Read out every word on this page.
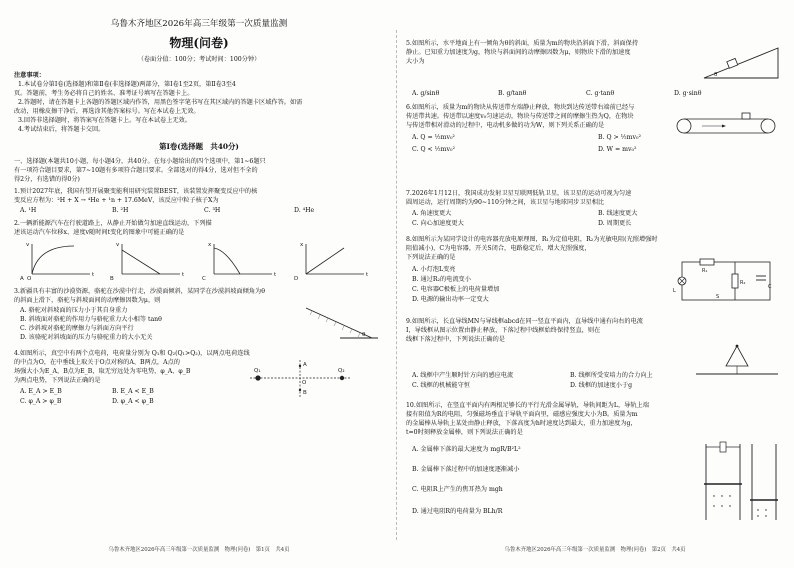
乌鲁木齐地区2026年高三年级第一次质量监测
物理(问卷)
（卷面分值：100分；考试时间：100分钟）
注意事项：
1.本试卷分第Ⅰ卷(选择题)和第Ⅱ卷(非选择题)两部分，第Ⅰ卷1至2页，第Ⅱ卷3至4
页。答题前，考生务必将自己的姓名、准考证号填写在答题卡上。
2.答题时，请在答题卡上各题的答题区域内作答，用黑色签字笔书写在其区域内的答题卡区域作答。如需
改动，用橡皮擦干净后，再选涂其他答案标号。写在本试卷上无效。
3.回答非选择题时，将答案写在答题卡上。写在本试卷上无效。
4.考试结束后，将答题卡交回。
第Ⅰ卷(选择题　共40分)
一、选择题(本题共10小题，每小题4分，共40分。在每小题给出的四个选项中，第1~6题只
有一项符合题目要求，第7~10题有多项符合题目要求。全部选对的得4分，选对但不全的
得2分，有选错的得0分)
1.预计2027年底，我国有望开展聚变能利用研究装置BEST，该装置发挥聚变反应中的核
变反应方程为：²H + X → ⁴He + ¹n + 17.6MeV，该反应中粒子核子X为
A. ¹H	B. ²H	C. ³H	D. ⁴He
2.一辆新能源汽车在行驶道路上，从静止开始做匀加速直线运动，下列描
述该运动汽车位移x、速度v随时间t变化的图象中可能正确的是
A	B	C	D
v	v	x	x
t	t	t	t
O
3.新疆具有丰富的沙漠资源，骆驼在沙漠中行走，沙漠面倾斜，某同学在沙漠斜坡面倾角为θ
的斜面上滑下，骆驼与斜坡面间的动摩擦因数为μ，则
A. 骆驼对斜坡面的压力小于其自身重力
B. 斜坡面对骆驼的作用力与骆驼重力大小相等 tanθ
C. 沙斜坡对骆驼的摩擦力与斜面方向平行
D. 该骆驼对斜坡面的压力与骆驼重力的大小无关	θ
4.如图所示，真空中有两个点电荷，电荷量分别为 Q₁和 Q₂(Q₁>Q₂)，以两点电荷连线
的中点为O，在中垂线上取关于O点对称的A、B两点，A点的
场强大小为E_A，B点为E_B，取无穷远处为零电势，φ_A、φ_B
为两点电势，下列说法正确的是
A. E_A > E_B	B. E_A < E_B
C. φ_A > φ_B	D. φ_A < φ_B
Q₁	Q₂
O
A
B
乌鲁木齐地区2026年高三年级第一次质量监测　物理(问卷)　第1页　共4页
5.如图所示，水平地面上有一倾角为θ的斜面，质量为m的物块沿斜面下滑，斜面保持
静止。已知重力加速度为g，物块与斜面间的动摩擦因数为μ，则物块下滑的加速度
大小为
A. g/sinθ	B. g/tanθ	C. g·tanθ	D. g·sinθ
θ
6.如图所示，质量为m的物块从传送带左端静止释放，物块到达传送带右端前已经与
传送带共速。传送带以速度v₀匀速运动，物块与传送带之间的摩擦生热为Q，在物块
与传送带相对滑动的过程中，电动机多做的功为W，则下列关系正确的是
A. Q = ½mv₀²	B. Q > ½mv₀²
C. Q < ½mv₀²	D. W = mv₀²
7.2026年1月12日，我国成功发射卫星互联网低轨卫星，该卫星的运动可视为匀速
圆周运动，运行周期约为90~110分钟之间，该卫星与地球同步卫星相比
A. 角速度更大	B. 线速度更大
C. 向心加速度更大	D. 周期更长
8.如图所示为某同学设计的电容器充放电原理图，R₁为定值电阻，R₂为光敏电阻(光照增强时
阻值减小)，C为电容器，开关S闭合，电路稳定后，增大光照强度，
下列说法正确的是
A. 小灯泡L变亮
B. 通过R₂的电流变小
C. 电容器C极板上的电荷量增加
D. 电源的输出功率一定变大
R₁
R₂
C
L
S
9.如图所示，长直导线MN与导线框abcd在同一竖直平面内，直导线中通有向右的电流
I，导线框从图示位置由静止释放，下落过程中线框始终保持竖直，则在
线框下落过程中，下列说法正确的是
A. 线框中产生顺时针方向的感应电流	B. 线框所受安培力的合力向上
C. 线框的机械能守恒	D. 线框的加速度小于g
10.如图所示，在竖直平面内有两根足够长的平行光滑金属导轨，导轨间距为L，导轨上端
接有阻值为R的电阻，匀强磁场垂直于导轨平面向里，磁感应强度大小为B。质量为m
的金属棒从导轨上某处由静止释放，下落高度为h时速度达到最大，重力加速度为g，
t=0时刻释放金属棒，则下列说法正确的是
A. 金属棒下落的最大速度为 mgR/B²L²
B. 金属棒下落过程中的加速度逐渐减小
C. 电阻R上产生的焦耳热为 mgh
D. 通过电阻R的电荷量为 BLh/R
乌鲁木齐地区2026年高三年级第一次质量监测　物理(问卷)　第2页　共4页
